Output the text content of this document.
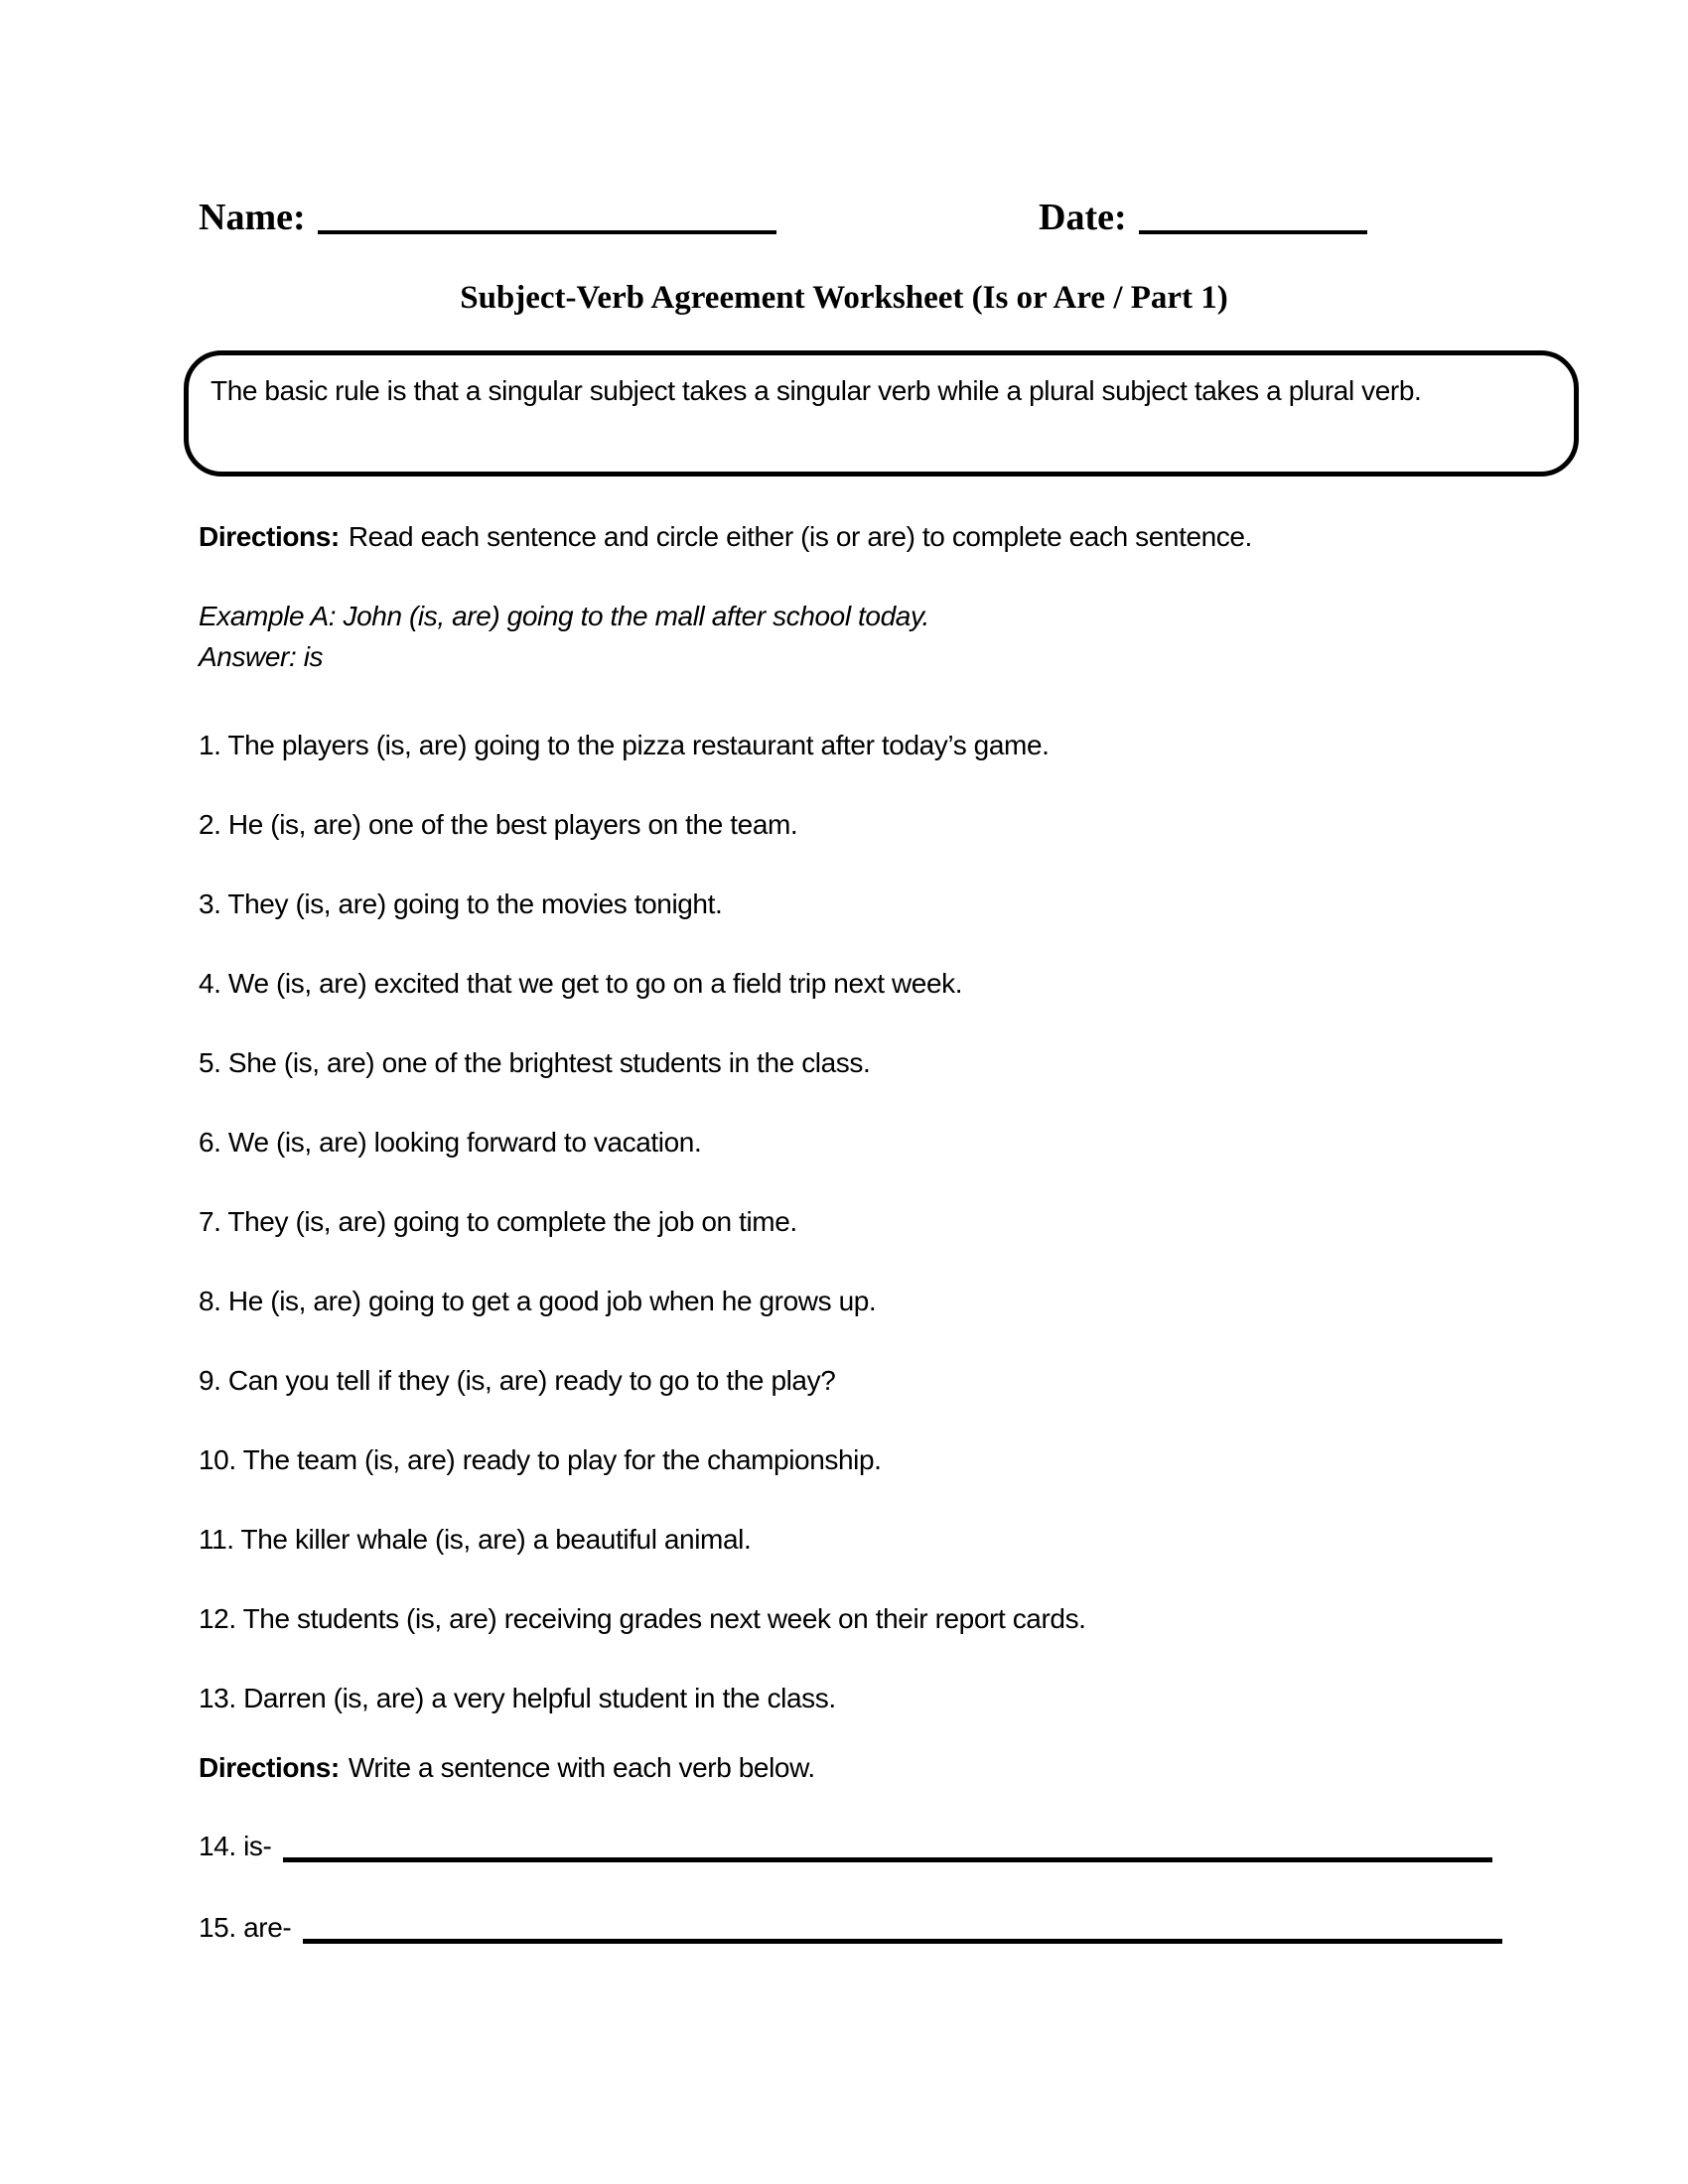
Name:	Date:
Subject-Verb Agreement Worksheet (Is or Are / Part 1)
The basic rule is that a singular subject takes a singular verb while a plural subject takes a plural verb.
Directions: Read each sentence and circle either (is or are) to complete each sentence.
Example A: John (is, are) going to the mall after school today.
Answer: is
1. The players (is, are) going to the pizza restaurant after today’s game.
2. He (is, are) one of the best players on the team.
3. They (is, are) going to the movies tonight.
4. We (is, are) excited that we get to go on a field trip next week.
5. She (is, are) one of the brightest students in the class.
6. We (is, are) looking forward to vacation.
7. They (is, are) going to complete the job on time.
8. He (is, are) going to get a good job when he grows up.
9. Can you tell if they (is, are) ready to go to the play?
10. The team (is, are) ready to play for the championship.
11. The killer whale (is, are) a beautiful animal.
12. The students (is, are) receiving grades next week on their report cards.
13. Darren (is, are) a very helpful student in the class.
Directions: Write a sentence with each verb below.
14. is-
15. are-
